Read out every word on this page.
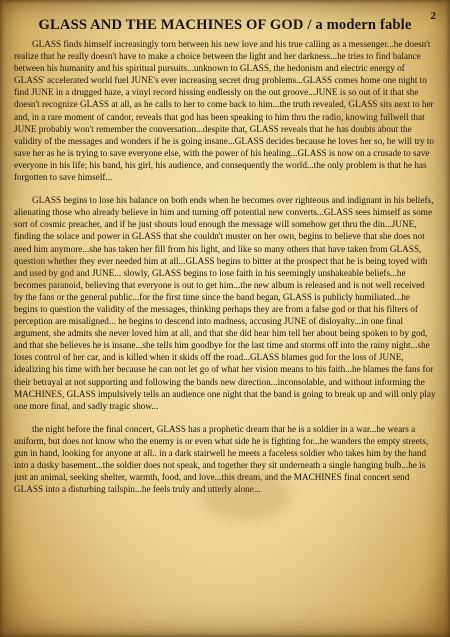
GLASS AND THE MACHINES OF GOD / a modern fable
2

GLASS finds himself increasingly torn between his new love and his true calling as a messenger...he doesn't realize that he really doesn't have to make a choice between the light and her darkness...he tries to find balance between his humanity and his spiritual pursuits...unknown to GLASS, the hedonism and electric energy of GLASS' accelerated world fuel JUNE's ever increasing secret drug problems...GLASS comes home one night to find JUNE in a drugged haze, a vinyl record hissing endlessly on the out groove...JUNE is so out of it that she doesn't recognize GLASS at all, as he calls to her to come back to him...the truth revealed, GLASS sits next to her and, in a rare moment of candor, reveals that god has been speaking to him thru the radio, knowing fullwell that JUNE probably won't remember the conversation...despite that, GLASS reveals that he has doubts about the validity of the messages and wonders if he is going insane...GLASS decides because he loves her so, he will try to save her as he is trying to save everyone else, with the power of his healing...GLASS is now on a crusade to save everyone in his life; his band, his girl, his audience, and consequently the world...the only problem is that he has forgotten to save himself...

GLASS begins to lose his balance on both ends when he becomes over righteous and indignant in his beliefs, alienating those who already believe in him and turning off potential new converts...GLASS sees himself as some sort of cosmic preacher, and if he just shouts loud enough the message will somehow get thru the din...JUNE, finding the solace and power in GLASS that she couldn't muster on her own, begins to believe that she does not need him anymore...she has taken her fill from his light, and like so many others that have taken from GLASS, question whether they ever needed him at all...GLASS begins to bitter at the prospect that he is being toyed with and used by god and JUNE... slowly, GLASS begins to lose faith in his seemingly unshakeable beliefs...he becomes paranoid, believing that everyone is out to get him...the new album is released and is not well received by the fans or the general public...for the first time since the band began, GLASS is publicly humiliated...he begins to question the validity of the messages, thinking perhaps they are from a false god or that his filters of perception are misaligned... he begins to descend into madness, accusing JUNE of disloyalty...in one final argument, she admits she never loved him at all, and that she did hear him tell her about being spoken to by god, and that she believes he is insane...she tells him goodbye for the last time and storms off into the rainy night...she loses control of her car, and is killed when it skids off the road...GLASS blames god for the loss of JUNE, idealizing his time with her because he can not let go of what her vision means to his faith...he blames the fans for their betrayal at not supporting and following the bands new direction...inconsolable, and without informing the MACHINES, GLASS impulsively tells an audience one night that the band is going to break up and will only play one more final, and sadly tragic show...

the night before the final concert, GLASS has a prophetic dream that he is a soldier in a war...he wears a uniform, but does not know who the enemy is or even what side he is fighting for...he wanders the empty streets, gun in hand, looking for anyone at all.. in a dark stairwell he meets a faceless soldier who takes him by the hand into a dusky basement...the soldier does not speak, and together they sit underneath a single hanging bulb...he is just an animal, seeking shelter, warmth, food, and love...this dream, and the MACHINES final concert send GLASS into a disturbing tailspin...he feels truly and utterly alone...
